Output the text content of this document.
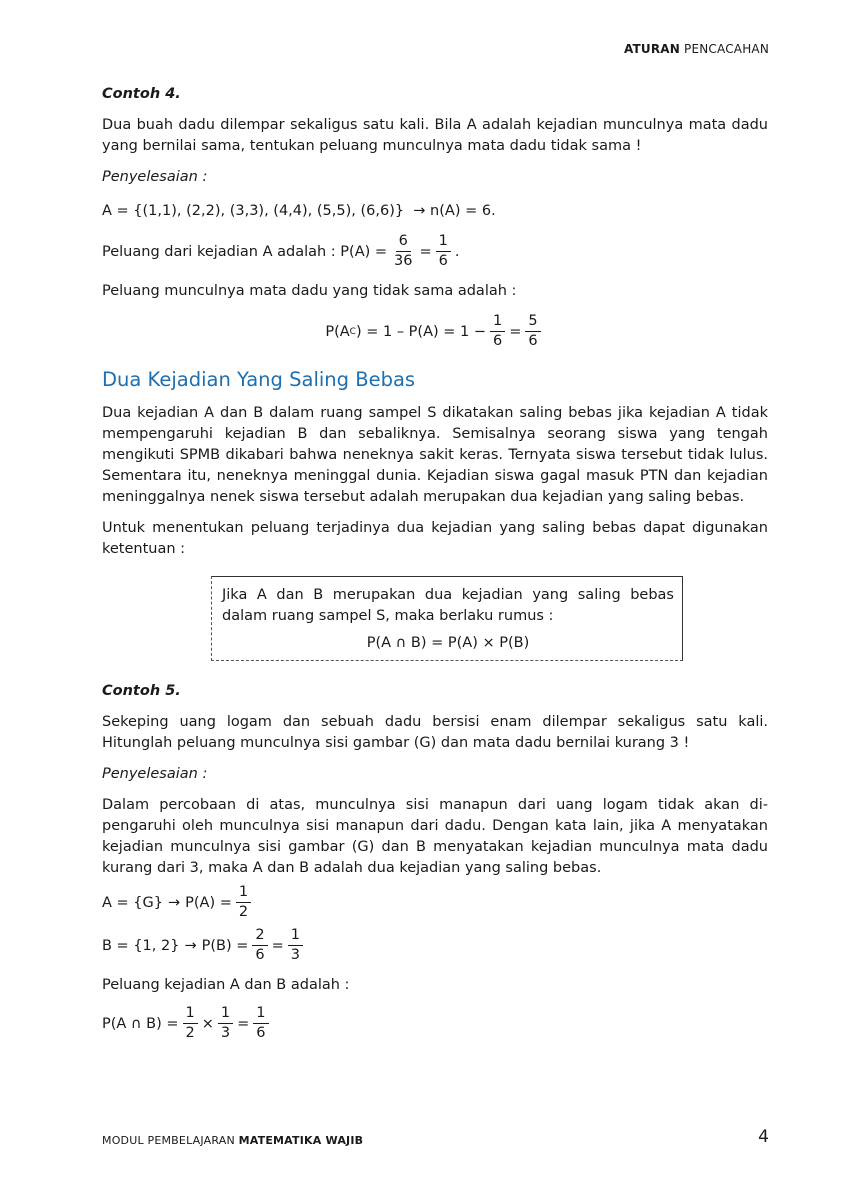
ATURAN PENCACAHAN

Contoh 4.

Dua buah dadu dilempar sekaligus satu kali. Bila A adalah kejadian munculnya mata dadu yang bernilai sama, tentukan peluang munculnya mata dadu tidak sama !

Penyelesaian :

A = {(1,1), (2,2), (3,3), (4,4), (5,5), (6,6)} → n(A) = 6.

Peluang dari kejadian A adalah :
$P(A) = \frac{6}{36} = \frac{1}{6}$ .

Peluang munculnya mata dadu yang tidak sama adalah :

P(A C ) = $1 - P(A) = 1 - \frac{1}{6} = \frac{5}{6}$
Dua Kejadian Yang Saling Bebas

Dua kejadian A dan B dalam ruang sampel S dikatakan saling bebas jika kejadian A tidak mempengaruhi kejadian B dan sebaliknya. Semisalnya seorang siswa yang tengah mengikuti SPMB dikabari bahwa neneknya sakit keras. Ternyata siswa tersebut tidak lulus. Sementara itu, neneknya meninggal dunia. Kejadian siswa gagal masuk PTN dan kejadian meninggalnya nenek siswa tersebut adalah merupakan dua kejadian yang saling bebas.

Untuk menentukan peluang terjadinya dua kejadian yang saling bebas dapat digunakan ketentuan :

Jika A dan B merupakan dua kejadian yang saling bebas dalam ruang sampel S, maka berlaku rumus :

P(A ∩ B) = P(A) × P(B)

Contoh 5.

Sekeping uang logam dan sebuah dadu bersisi enam dilempar sekaligus satu kali. Hitunglah peluang munculnya sisi gambar (G) dan mata dadu bernilai kurang 3 !

Penyelesaian :

Dalam percobaan di atas, munculnya sisi manapun dari uang logam tidak akan di-pengaruhi oleh munculnya sisi manapun dari dadu. Dengan kata lain, jika A menyatakan kejadian munculnya sisi gambar (G) dan B menyatakan kejadian munculnya mata dadu kurang dari 3, maka A dan B adalah dua kejadian yang saling bebas.

$A = \{G\} \to P(A) = \frac{1}{2}$
B = {1, $2\} \to P(B) = \frac{2}{6} = \frac{1}{3}$

Peluang kejadian A dan B adalah :

P(A ∩ $B) = \frac{1}{2} \times \frac{1}{3} = \frac{1}{6}$
MODUL PEMBELAJARAN MATEMATIKA WAJIB	4
